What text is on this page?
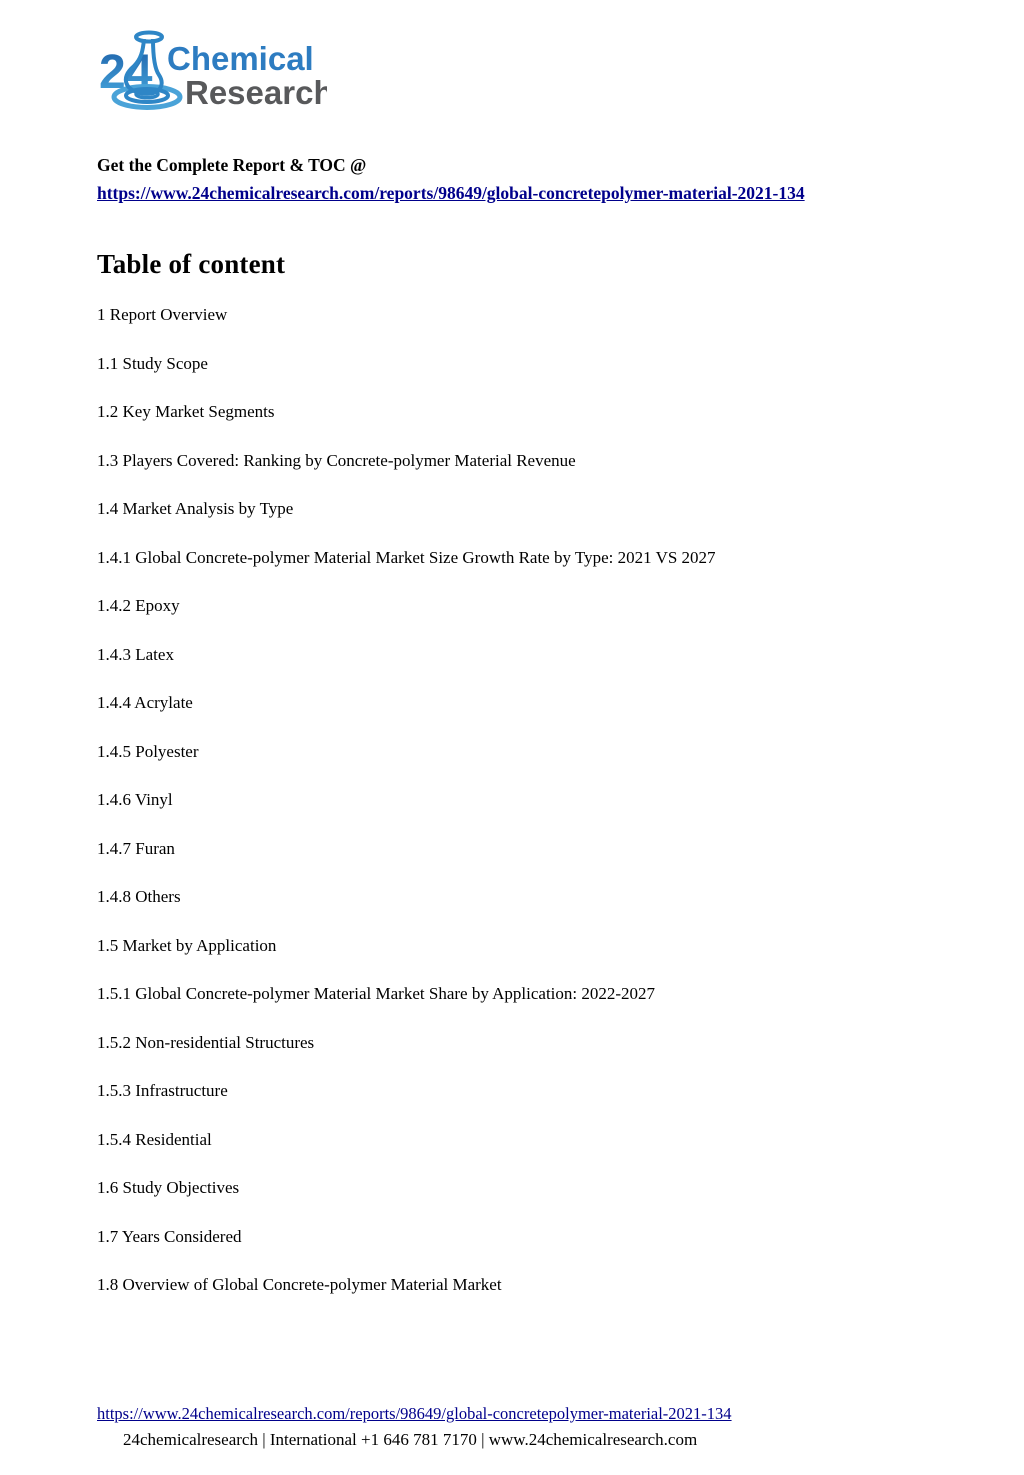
24 Chemical
Research
Get the Complete Report & TOC @
https://www.24chemicalresearch.com/reports/98649/global-concretepolymer-material-2021-134
Table of content
1 Report Overview
1.1 Study Scope
1.2 Key Market Segments
1.3 Players Covered: Ranking by Concrete-polymer Material Revenue
1.4 Market Analysis by Type
1.4.1 Global Concrete-polymer Material Market Size Growth Rate by Type: 2021 VS 2027
1.4.2 Epoxy
1.4.3 Latex
1.4.4 Acrylate
1.4.5 Polyester
1.4.6 Vinyl
1.4.7 Furan
1.4.8 Others
1.5 Market by Application
1.5.1 Global Concrete-polymer Material Market Share by Application: 2022-2027
1.5.2 Non-residential Structures
1.5.3 Infrastructure
1.5.4 Residential
1.6 Study Objectives
1.7 Years Considered
1.8 Overview of Global Concrete-polymer Material Market
https://www.24chemicalresearch.com/reports/98649/global-concretepolymer-material-2021-134
24chemicalresearch | International +1 646 781 7170 | www.24chemicalresearch.com
